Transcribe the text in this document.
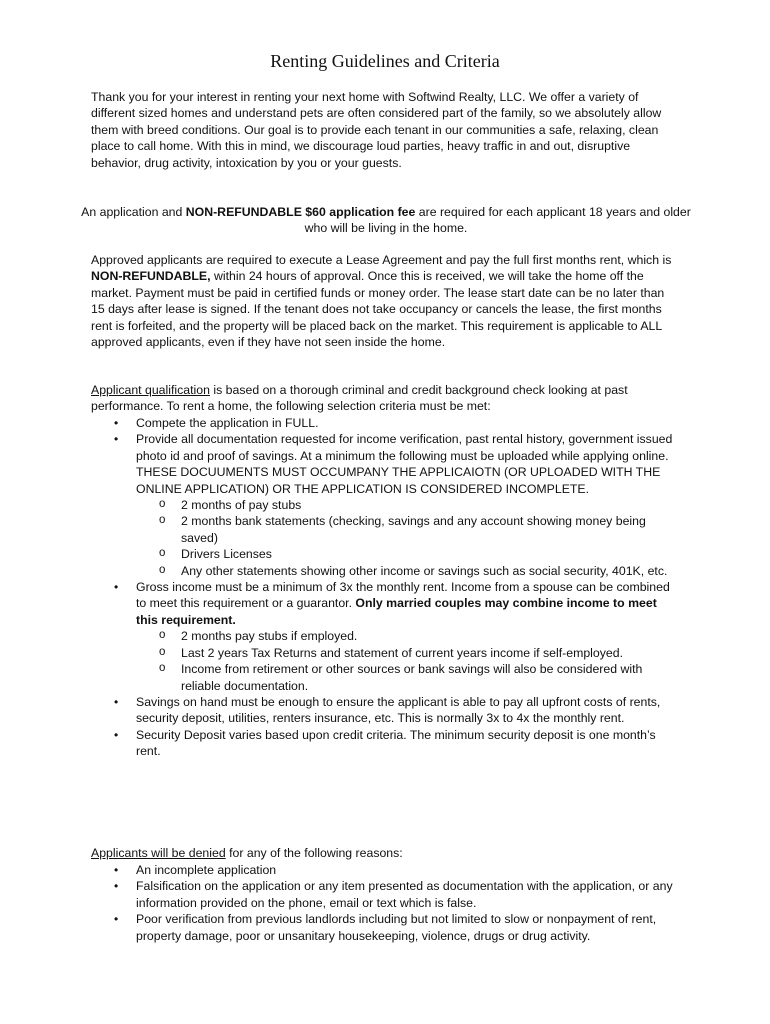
Renting Guidelines and Criteria

Thank you for your interest in renting your next home with Softwind Realty, LLC. We offer a variety of different sized homes and understand pets are often considered part of the family, so we absolutely allow them with breed conditions. Our goal is to provide each tenant in our communities a safe, relaxing, clean place to call home. With this in mind, we discourage loud parties, heavy traffic in and out, disruptive behavior, drug activity, intoxication by you or your guests.

An application and NON-REFUNDABLE $60 application fee are required for each applicant 18 years and older who will be living in the home.

Approved applicants are required to execute a Lease Agreement and pay the full first months rent, which is NON-REFUNDABLE, within 24 hours of approval. Once this is received, we will take the home off the market. Payment must be paid in certified funds or money order. The lease start date can be no later than 15 days after lease is signed. If the tenant does not take occupancy or cancels the lease, the first months rent is forfeited, and the property will be placed back on the market. This requirement is applicable to ALL approved applicants, even if they have not seen inside the home.

Applicant qualification is based on a thorough criminal and credit background check looking at past performance. To rent a home, the following selection criteria must be met:

• Compete the application in FULL.
• Provide all documentation requested for income verification, past rental history, government issued photo id and proof of savings. At a minimum the following must be uploaded while applying online. THESE DOCUUMENTS MUST OCCUMPANY THE APPLICAIOTN (OR UPLOADED WITH THE ONLINE APPLICATION) OR THE APPLICATION IS CONSIDERED INCOMPLETE.
o 2 months of pay stubs
o 2 months bank statements (checking, savings and any account showing money being saved)
o Drivers Licenses
o Any other statements showing other income or savings such as social security, 401K, etc.
• Gross income must be a minimum of 3x the monthly rent. Income from a spouse can be combined to meet this requirement or a guarantor. Only married couples may combine income to meet this requirement.
o 2 months pay stubs if employed.
o Last 2 years Tax Returns and statement of current years income if self-employed.
o Income from retirement or other sources or bank savings will also be considered with reliable documentation.
• Savings on hand must be enough to ensure the applicant is able to pay all upfront costs of rents, security deposit, utilities, renters insurance, etc. This is normally 3x to 4x the monthly rent.
• Security Deposit varies based upon credit criteria. The minimum security deposit is one month’s rent.

Applicants will be denied for any of the following reasons:

• An incomplete application
• Falsification on the application or any item presented as documentation with the application, or any information provided on the phone, email or text which is false.
• Poor verification from previous landlords including but not limited to slow or nonpayment of rent, property damage, poor or unsanitary housekeeping, violence, drugs or drug activity.
